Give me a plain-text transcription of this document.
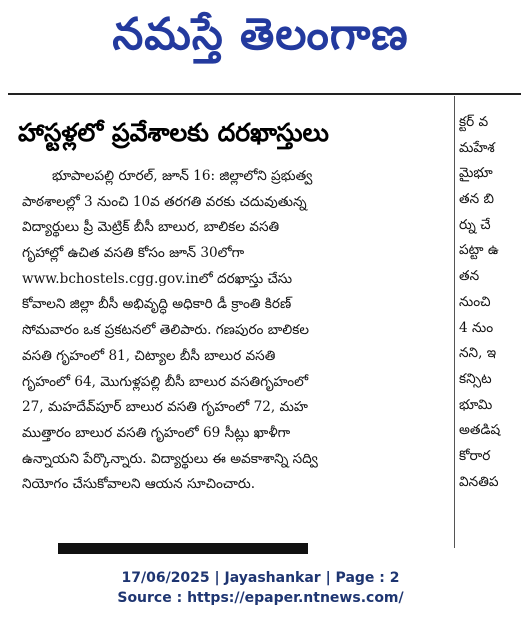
నమస్తే తెలంగాణ
హాస్టళ్లలో ప్రవేశాలకు దరఖాస్తులు
భూపాలపల్లి రూరల్, జూన్ 16: జిల్లాలోని ప్రభుత్వ
పాఠశాలల్లో 3 నుంచి 10వ తరగతి వరకు చదువుతున్న
విద్యార్థులు ప్రీ మెట్రిక్ బీసీ బాలుర, బాలికల వసతి
గృహాల్లో ఉచిత వసతి కోసం జూన్ 30లోగా
www.bchostels.cgg.gov.inలో దరఖాస్తు చేసు
కోవాలని జిల్లా బీసీ అభివృద్ధి అధికారి డీ క్రాంతి కిరణ్
సోమవారం ఒక ప్రకటనలో తెలిపారు. గణపురం బాలికల
వసతి గృహంలో 81, చిట్యాల బీసీ బాలుర వసతి
గృహంలో 64, మొగుళ్లపల్లి బీసీ బాలుర వసతిగృహంలో
27, మహదేవ్‌పూర్ బాలుర వసతి గృహంలో 72, మహ
ముత్తారం బాలుర వసతి గృహంలో 69 సీట్లు ఖాళీగా
ఉన్నాయని పేర్కొన్నారు. విద్యార్థులు ఈ అవకాశాన్ని సద్వి
నియోగం చేసుకోవాలని ఆయన సూచించారు.
క్టర్ వ
మహేశ
మైభూ
తన బి
ర్ను చే
పట్టా ఉ
తన
నుంచి
4 నుం
నని, ఇ
కన్సిట
భూమి
అతడిష
కోరార
వినతిప
17/06/2025 | Jayashankar | Page : 2
Source : https://epaper.ntnews.com/
